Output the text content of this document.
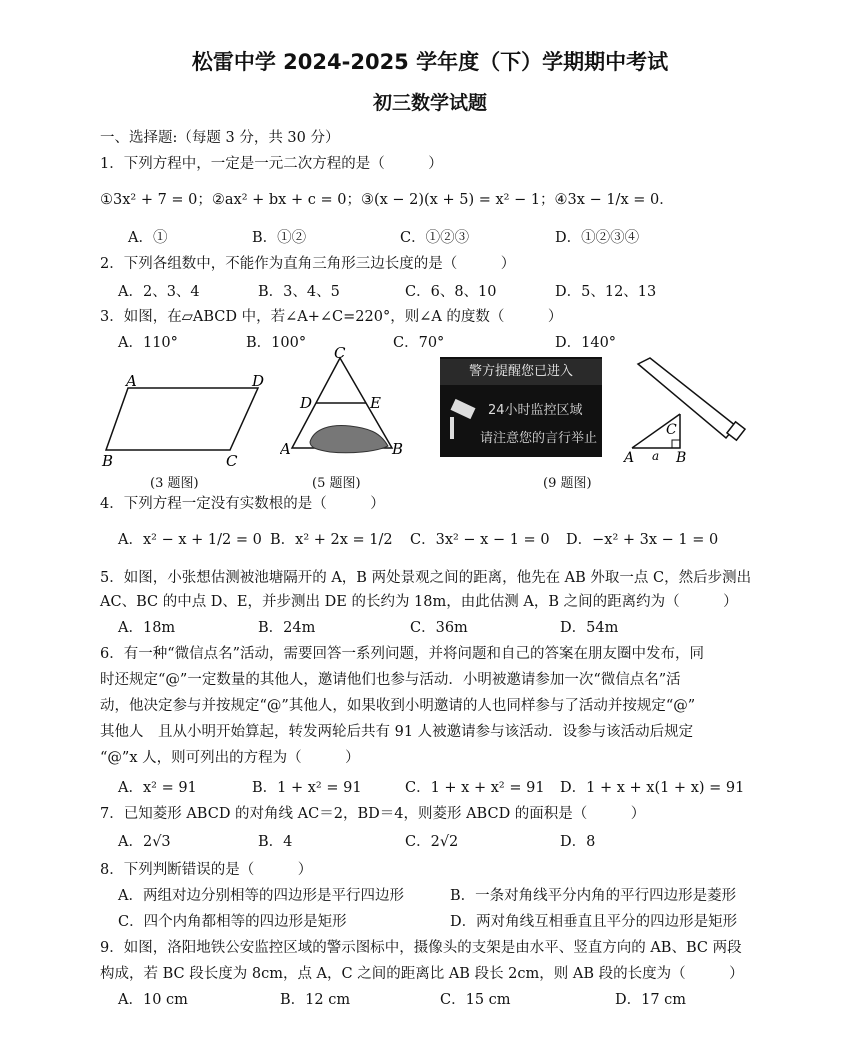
松雷中学 2024-2025 学年度（下）学期期中考试
初三数学试题
一、选择题:（每题 3 分，共 30 分）
1．下列方程中，一定是一元二次方程的是（　　　）
①3x² + 7 = 0；②ax² + bx + c = 0；③(x − 2)(x + 5) = x² − 1；④3x − 1/x = 0．
A．①	B．①②	C．①②③	D．①②③④
2．下列各组数中，不能作为直角三角形三边长度的是（　　　）
A．2、3、4	B．3、4、5	C．6、8、10	D．5、12、13
3．如图，在▱ABCD 中，若∠A+∠C=220°，则∠A 的度数（　　　）
A．110°	B．100°	C．70°	D．140°
A	D
B	C
(3 题图)
C
D	E
A	B
(5 题图)
警方提醒您已进入
24小时监控区域
请注意您的言行举止
(9 题图)
C
A a B
4．下列方程一定没有实数根的是（　　　）
A．x² − x + 1/2 = 0 B．x² + 2x = 1/2 C．3x² − x − 1 = 0 D．−x² + 3x − 1 = 0
5．如图，小张想估测被池塘隔开的 A，B 两处景观之间的距离，他先在 AB 外取一点 C，然后步测出
AC、BC 的中点 D、E，并步测出 DE 的长约为 18m，由此估测 A，B 之间的距离约为（　　　）
A．18m	B．24m	C．36m	D．54m
6．有一种“微信点名”活动，需要回答一系列问题，并将问题和自己的答案在朋友圈中发布，同
时还规定“@”一定数量的其他人，邀请他们也参与活动．小明被邀请参加一次“微信点名”活
动，他决定参与并按规定“@”其他人，如果收到小明邀请的人也同样参与了活动并按规定“@”
其他人　且从小明开始算起，转发两轮后共有 91 人被邀请参与该活动．设参与该活动后规定
“@”x 人，则可列出的方程为（　　　）
A．x² = 91	B．1 + x² = 91	C．1 + x + x² = 91 D．1 + x + x(1 + x) = 91
7．已知菱形 ABCD 的对角线 AC＝2，BD＝4，则菱形 ABCD 的面积是（　　　）
A．2√3	B．4	C．2√2	D．8
8．下列判断错误的是（　　　）
A．两组对边分别相等的四边形是平行四边形	B．一条对角线平分内角的平行四边形是菱形
C．四个内角都相等的四边形是矩形	D．两对角线互相垂直且平分的四边形是矩形
9．如图，洛阳地铁公安监控区域的警示图标中，摄像头的支架是由水平、竖直方向的 AB、BC 两段
构成，若 BC 段长度为 8cm，点 A，C 之间的距离比 AB 段长 2cm，则 AB 段的长度为（　　　）
A．10 cm	B．12 cm	C．15 cm	D．17 cm
